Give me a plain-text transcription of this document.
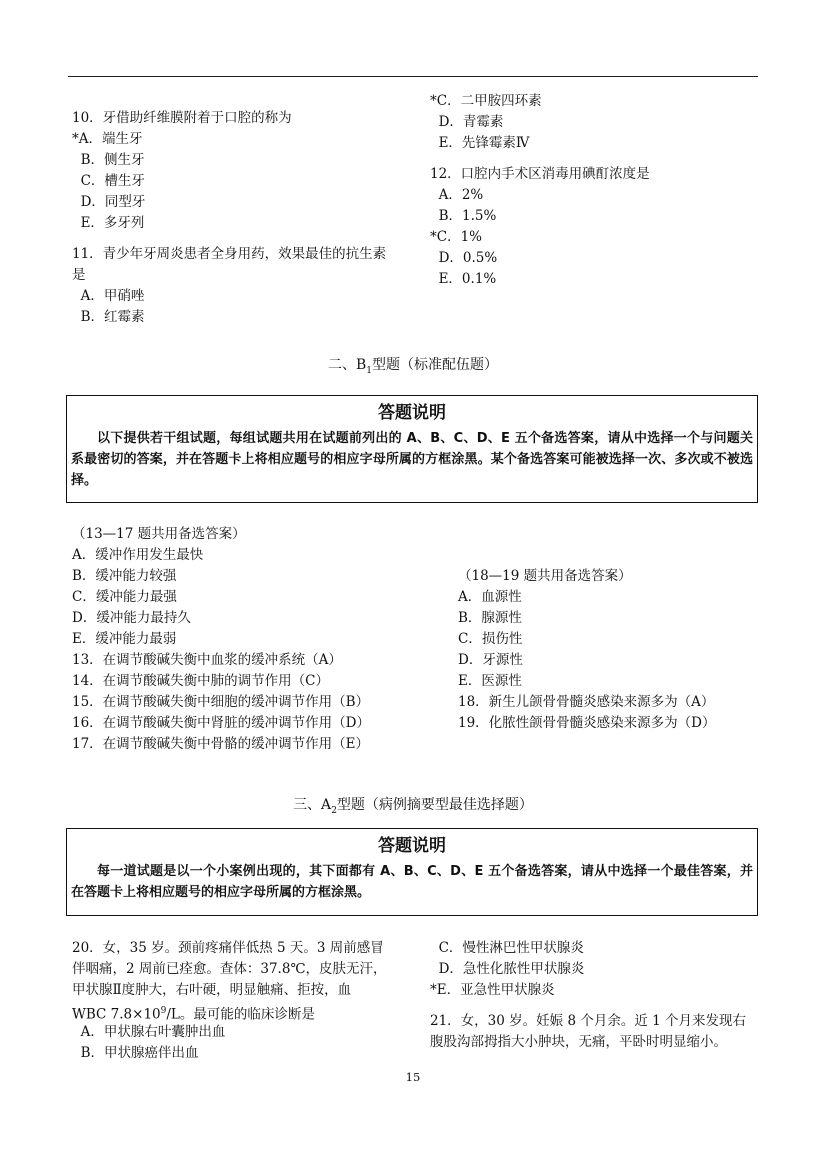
10．牙借助纤维膜附着于口腔的称为
*A．端生牙
B．侧生牙
C．槽生牙
D．同型牙
E．多牙列
11．青少年牙周炎患者全身用药，效果最佳的抗生素是
A．甲硝唑
B．红霉素
*C．二甲胺四环素
D．青霉素
E．先锋霉素Ⅳ
12．口腔内手术区消毒用碘酊浓度是
A．2%
B．1.5%
*C．1%
D．0.5%
E．0.1%
二、$B_1$型题（标准配伍题）
答题说明
以下提供若干组试题，每组试题共用在试题前列出的 A、B、C、D、E 五个备选答案，请从中选择一个与问题关系最密切的答案，并在答题卡上将相应题号的相应字母所属的方框涂黑。某个备选答案可能被选择一次、多次或不被选择。
（13—17 题共用备选答案）
A．缓冲作用发生最快
B．缓冲能力较强
C．缓冲能力最强
D．缓冲能力最持久
E．缓冲能力最弱
13．在调节酸碱失衡中血浆的缓冲系统（A）
14．在调节酸碱失衡中肺的调节作用（C）
15．在调节酸碱失衡中细胞的缓冲调节作用（B）
16．在调节酸碱失衡中肾脏的缓冲调节作用（D）
17．在调节酸碱失衡中骨骼的缓冲调节作用（E）
（18—19 题共用备选答案）
A．血源性
B．腺源性
C．损伤性
D．牙源性
E．医源性
18．新生儿颌骨骨髓炎感染来源多为（A）
19．化脓性颌骨骨髓炎感染来源多为（D）
三、$A_2$型题（病例摘要型最佳选择题）
答题说明
每一道试题是以一个小案例出现的，其下面都有 A、B、C、D、E 五个备选答案，请从中选择一个最佳答案，并在答题卡上将相应题号的相应字母所属的方框涂黑。
20．女，35 岁。颈前疼痛伴低热 5 天。3 周前感冒
伴咽痛，2 周前已痊愈。查体：37.8℃，皮肤无汗，
甲状腺Ⅱ度肿大，右叶硬，明显触痛、拒按，血
WBC $7.8\times 10^9/L$。最可能的临床诊断是
A．甲状腺右叶囊肿出血
B．甲状腺癌伴出血
C．慢性淋巴性甲状腺炎
D．急性化脓性甲状腺炎
*E．亚急性甲状腺炎
21．女，30 岁。妊娠 8 个月余。近 1 个月来发现右
腹股沟部拇指大小肿块，无痛，平卧时明显缩小。
15
